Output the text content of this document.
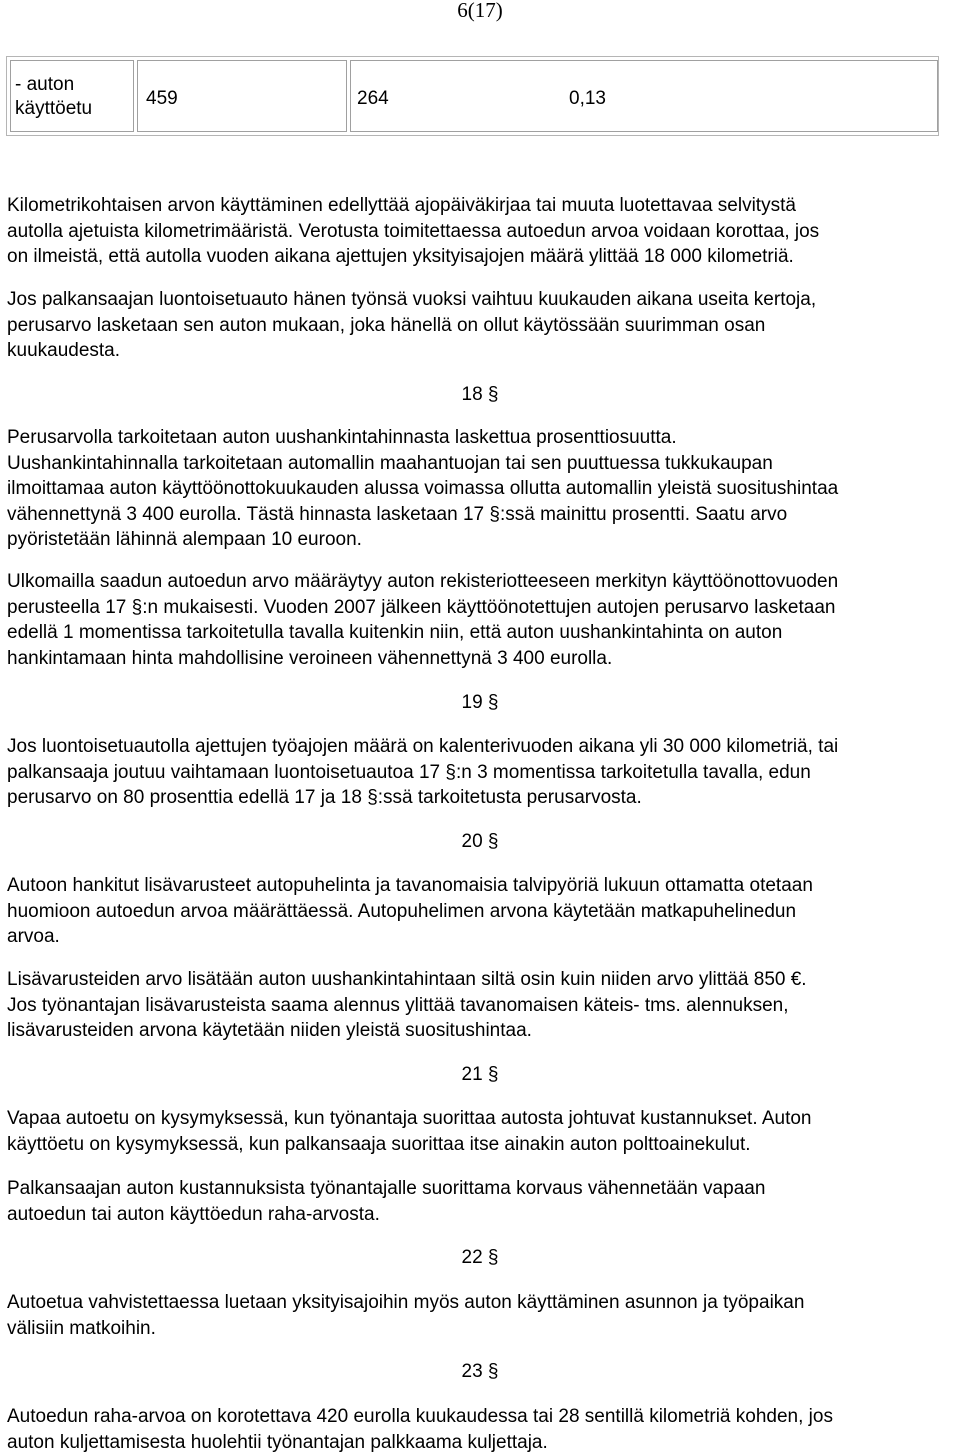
6(17)
- auton
käyttöetu	459	264	0,13

Kilometrikohtaisen arvon käyttäminen edellyttää ajopäiväkirjaa tai muuta luotettavaa selvitystä
autolla ajetuista kilometrimääristä. Verotusta toimitettaessa autoedun arvoa voidaan korottaa, jos
on ilmeistä, että autolla vuoden aikana ajettujen yksityisajojen määrä ylittää 18 000 kilometriä.

Jos palkansaajan luontoisetuauto hänen työnsä vuoksi vaihtuu kuukauden aikana useita kertoja,
perusarvo lasketaan sen auton mukaan, joka hänellä on ollut käytössään suurimman osan
kuukaudesta.

18 §

Perusarvolla tarkoitetaan auton uushankintahinnasta laskettua prosenttiosuutta.
Uushankintahinnalla tarkoitetaan automallin maahantuojan tai sen puuttuessa tukkukaupan
ilmoittamaa auton käyttöönottokuukauden alussa voimassa ollutta automallin yleistä suositushintaa
vähennettynä 3 400 eurolla. Tästä hinnasta lasketaan 17 §:ssä mainittu prosentti. Saatu arvo
pyöristetään lähinnä alempaan 10 euroon.

Ulkomailla saadun autoedun arvo määräytyy auton rekisteriotteeseen merkityn käyttöönottovuoden
perusteella 17 §:n mukaisesti. Vuoden 2007 jälkeen käyttöönotettujen autojen perusarvo lasketaan
edellä 1 momentissa tarkoitetulla tavalla kuitenkin niin, että auton uushankintahinta on auton
hankintamaan hinta mahdollisine veroineen vähennettynä 3 400 eurolla.

19 §

Jos luontoisetuautolla ajettujen työajojen määrä on kalenterivuoden aikana yli 30 000 kilometriä, tai
palkansaaja joutuu vaihtamaan luontoisetuautoa 17 §:n 3 momentissa tarkoitetulla tavalla, edun
perusarvo on 80 prosenttia edellä 17 ja 18 §:ssä tarkoitetusta perusarvosta.

20 §

Autoon hankitut lisävarusteet autopuhelinta ja tavanomaisia talvipyöriä lukuun ottamatta otetaan
huomioon autoedun arvoa määrättäessä. Autopuhelimen arvona käytetään matkapuhelinedun
arvoa.

Lisävarusteiden arvo lisätään auton uushankintahintaan siltä osin kuin niiden arvo ylittää 850 €.
Jos työnantajan lisävarusteista saama alennus ylittää tavanomaisen käteis- tms. alennuksen,
lisävarusteiden arvona käytetään niiden yleistä suositushintaa.

21 §

Vapaa autoetu on kysymyksessä, kun työnantaja suorittaa autosta johtuvat kustannukset. Auton
käyttöetu on kysymyksessä, kun palkansaaja suorittaa itse ainakin auton polttoainekulut.

Palkansaajan auton kustannuksista työnantajalle suorittama korvaus vähennetään vapaan
autoedun tai auton käyttöedun raha-arvosta.

22 §

Autoetua vahvistettaessa luetaan yksityisajoihin myös auton käyttäminen asunnon ja työpaikan
välisiin matkoihin.

23 §

Autoedun raha-arvoa on korotettava 420 eurolla kuukaudessa tai 28 sentillä kilometriä kohden, jos
auton kuljettamisesta huolehtii työnantajan palkkaama kuljettaja.
